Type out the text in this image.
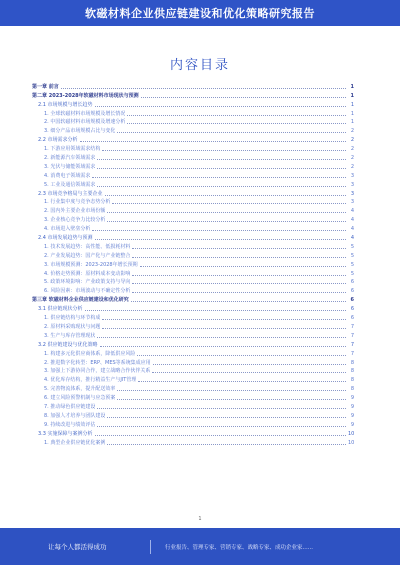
软磁材料企业供应链建设和优化策略研究报告
内容目录
第一章 前言	1
第二章 2023-2028年软磁材料市场现状与预测	1
2.1 市场规模与增长趋势	1
1. 全球软磁材料市场规模及增长情况	1
2. 中国软磁材料市场规模及增速分析	1
3. 细分产品市场规模占比与变化	2
2.2 市场需求分析	2
1. 下游应用领域需求结构	2
2. 新能源汽车领域需求	2
3. 光伏与储能领域需求	2
4. 消费电子领域需求	3
5. 工业及通信领域需求	3
2.3 市场竞争格局与主要企业	3
1. 行业集中度与竞争态势分析	3
2. 国内外主要企业市场份额	4
3. 企业核心竞争力比较分析	4
4. 市场进入壁垒分析	4
2.4 市场发展趋势与预测	4
1. 技术发展趋势：高性能、低损耗材料	5
2. 产业发展趋势：国产化与产业链整合	5
3. 市场规模预测：2023-2028年增长预期	5
4. 价格走势预测：原材料成本变动影响	5
5. 政策环境影响：产业政策支持与导向	6
6. 风险因素：市场波动与不确定性分析	6
第三章 软磁材料企业供应链建设和优化研究	6
3.1 供应链现状分析	6
1. 供应链结构与环节构成	6
2. 原材料采购现状与问题	7
3. 生产与库存管理现状	7
3.2 供应链建设与优化策略	7
1. 构建多元化供应商体系，降低供应风险	7
2. 推进数字化转型：ERP、MES等系统集成应用	8
3. 加强上下游协同合作，建立战略合作伙伴关系	8
4. 优化库存结构，推行精益生产与JIT管理	8
5. 完善物流体系，提升配送效率	8
6. 建立风险预警机制与应急预案	9
7. 推动绿色供应链建设	9
8. 加强人才培养与团队建设	9
9. 持续改进与绩效评估	9
3.3 实施保障与案例分析	10
1. 典型企业供应链优化案例	10
1
让每个人都活得成功	行业报告、管理专家、营销专家、战略专家、成功企业家......
